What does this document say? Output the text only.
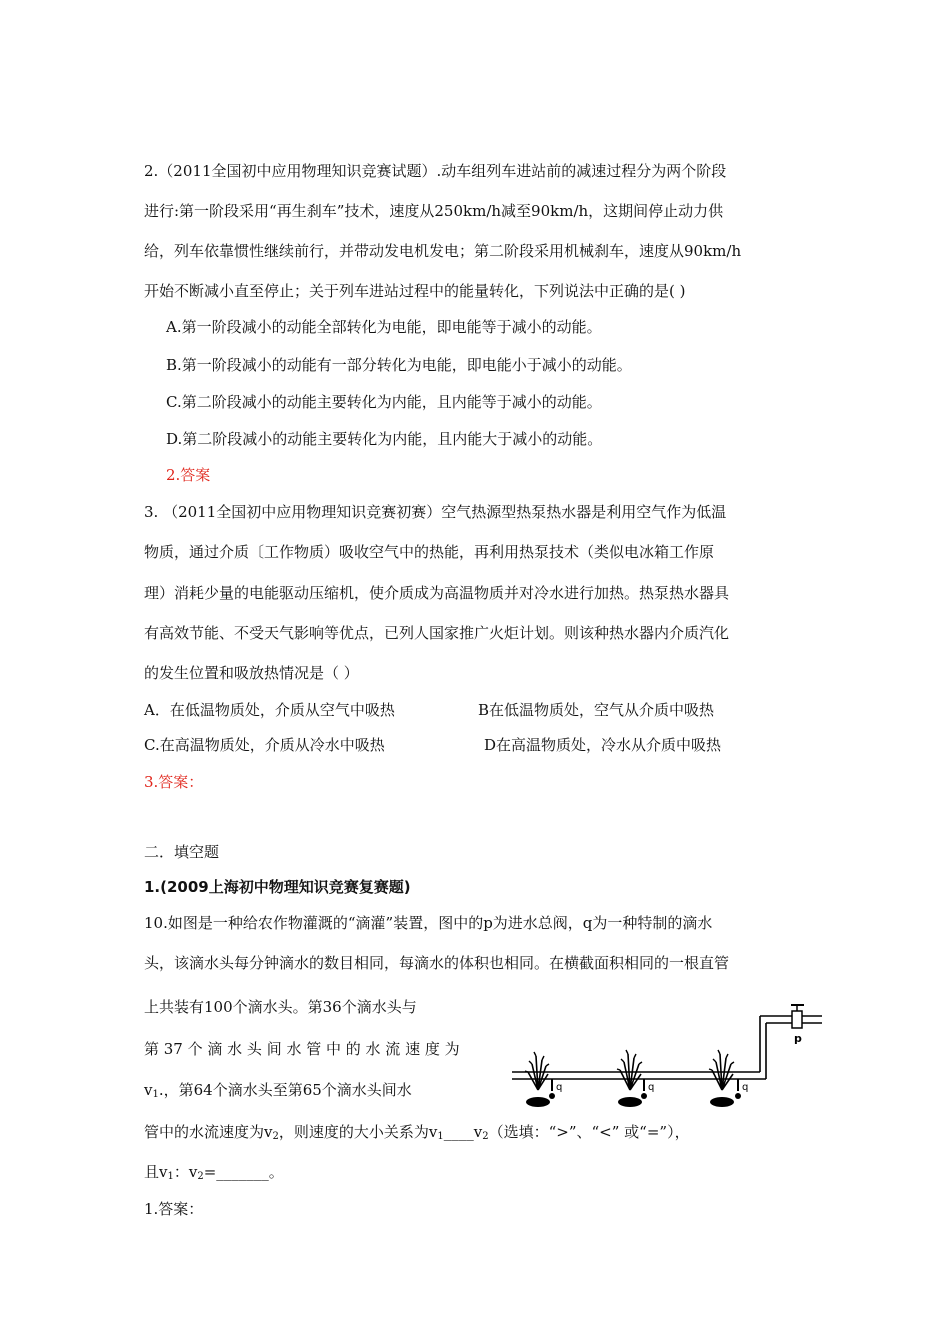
2.（2011全国初中应用物理知识竞赛试题）.动车组列车进站前的减速过程分为两个阶段
进行:第一阶段采用“再生刹车”技术，速度从250km/h减至90km/h，这期间停止动力供
给，列车依靠惯性继续前行，并带动发电机发电；第二阶段采用机械刹车，速度从90km/h
开始不断减小直至停止；关于列车进站过程中的能量转化，下列说法中正确的是( )
A.第一阶段减小的动能全部转化为电能，即电能等于减小的动能。
B.第一阶段减小的动能有一部分转化为电能，即电能小于减小的动能。
C.第二阶段减小的动能主要转化为内能，且内能等于减小的动能。
D.第二阶段减小的动能主要转化为内能，且内能大于减小的动能。
2.答案
3. （2011全国初中应用物理知识竞赛初赛）空气热源型热泵热水器是利用空气作为低温
物质，通过介质〔工作物质）吸收空气中的热能，再利用热泵技术（类似电冰箱工作原
理）消耗少量的电能驱动压缩机，使介质成为高温物质并对冷水进行加热。热泵热水器具
有高效节能、不受天气影响等优点，已列人国家推广火炬计划。则该种热水器内介质汽化
的发生位置和吸放热情况是（ ）
A．在低温物质处，介质从空气中吸热	B在低温物质处，空气从介质中吸热
C.在高温物质处，介质从冷水中吸热	D在高温物质处，冷水从介质中吸热
3.答案：
二．填空题
1.(2009上海初中物理知识竞赛复赛题)
10.如图是一种给农作物灌溉的“滴灌”装置，图中的p为进水总阀，q为一种特制的滴水
头，该滴水头每分钟滴水的数目相同，每滴水的体积也相同。在横截面积相同的一根直管
上共装有100个滴水头。第36个滴水头与
第 37 个 滴 水 头 间 水 管 中 的 水 流 速 度 为
$v_1$.，第64个滴水头至第65个滴水头间水
管中的水流速度为$v_2$，则速度的大小关系为$v_1\_\_\_\_v_2$（选填：“>”、“<” 或“=”），
且$v_1$：$v_2=\_\_\_\_\_\_\_$。
1.答案：
p
q	q	q
